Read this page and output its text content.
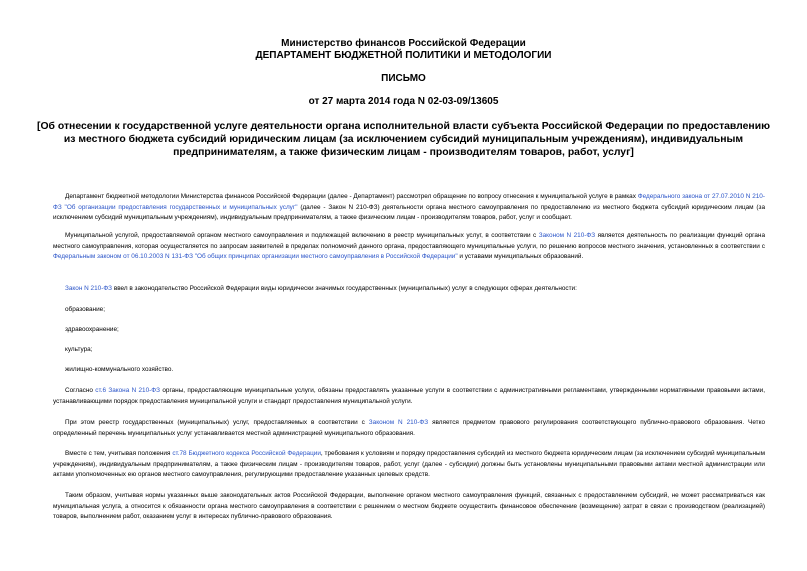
Министерство финансов Российской Федерации
ДЕПАРТАМЕНТ БЮДЖЕТНОЙ ПОЛИТИКИ И МЕТОДОЛОГИИ
ПИСЬМО
от 27 марта 2014 года N 02-03-09/13605
[Об отнесении к государственной услуге деятельности органа исполнительной власти субъекта Российской Федерации по предоставлению из местного бюджета субсидий юридическим лицам (за исключением субсидий муниципальным учреждениям), индивидуальным предпринимателям, а также физическим лицам - производителям товаров, работ, услуг]
Департамент бюджетной методологии Министерства финансов Российской Федерации (далее - Департамент) рассмотрел обращение по вопросу отнесения к муниципальной услуге в рамках Федерального закона от 27.07.2010 N 210-ФЗ "Об организации предоставления государственных и муниципальных услуг" (далее - Закон N 210-ФЗ) деятельности органа местного самоуправления по предоставлению из местного бюджета субсидий юридическим лицам (за исключением субсидий муниципальным учреждениям), индивидуальным предпринимателям, а также физическим лицам - производителям товаров, работ, услуг и сообщает.
Муниципальной услугой, предоставляемой органом местного самоуправления и подлежащей включению в реестр муниципальных услуг, в соответствии с Законом N 210-ФЗ является деятельность по реализации функций органа местного самоуправления, которая осуществляется по запросам заявителей в пределах полномочий данного органа, предоставляющего муниципальные услуги, по решению вопросов местного значения, установленных в соответствии с Федеральным законом от 06.10.2003 N 131-ФЗ "Об общих принципах организации местного самоуправления в Российской Федерации" и уставами муниципальных образований.
Закон N 210-ФЗ ввел в законодательство Российской Федерации виды юридически значимых государственных (муниципальных) услуг в следующих сферах деятельности:
образование;
здравоохранение;
культура;
жилищно-коммунального хозяйство.
Согласно ст.6 Закона N 210-ФЗ органы, предоставляющие муниципальные услуги, обязаны предоставлять указанные услуги в соответствии с административными регламентами, утвержденными нормативными правовыми актами, устанавливающими порядок предоставления муниципальной услуги и стандарт предоставления муниципальной услуги.
При этом реестр государственных (муниципальных) услуг, предоставляемых в соответствии с Законом N 210-ФЗ является предметом правового регулирования соответствующего публично-правового образования. Четко определенный перечень муниципальных услуг устанавливается местной администрацией муниципального образования.
Вместе с тем, учитывая положения ст.78 Бюджетного кодекса Российской Федерации, требования к условиям и порядку предоставления субсидий из местного бюджета юридическим лицам (за исключением субсидий муниципальным учреждениям), индивидуальным предпринимателям, а также физическим лицам - производителям товаров, работ, услуг (далее - субсидии) должны быть установлены муниципальными правовыми актами местной администрации или актами уполномоченных ею органов местного самоуправления, регулирующими предоставление указанных целевых средств.
Таким образом, учитывая нормы указанных выше законодательных актов Российской Федерации, выполнение органом местного самоуправления функций, связанных с предоставлением субсидий, не может рассматриваться как муниципальная услуга, а относится к обязанности органа местного самоуправления в соответствии с решением о местном бюджете осуществить финансовое обеспечение (возмещение) затрат в связи с производством (реализацией) товаров, выполнением работ, оказанием услуг в интересах публично-правового образования.
